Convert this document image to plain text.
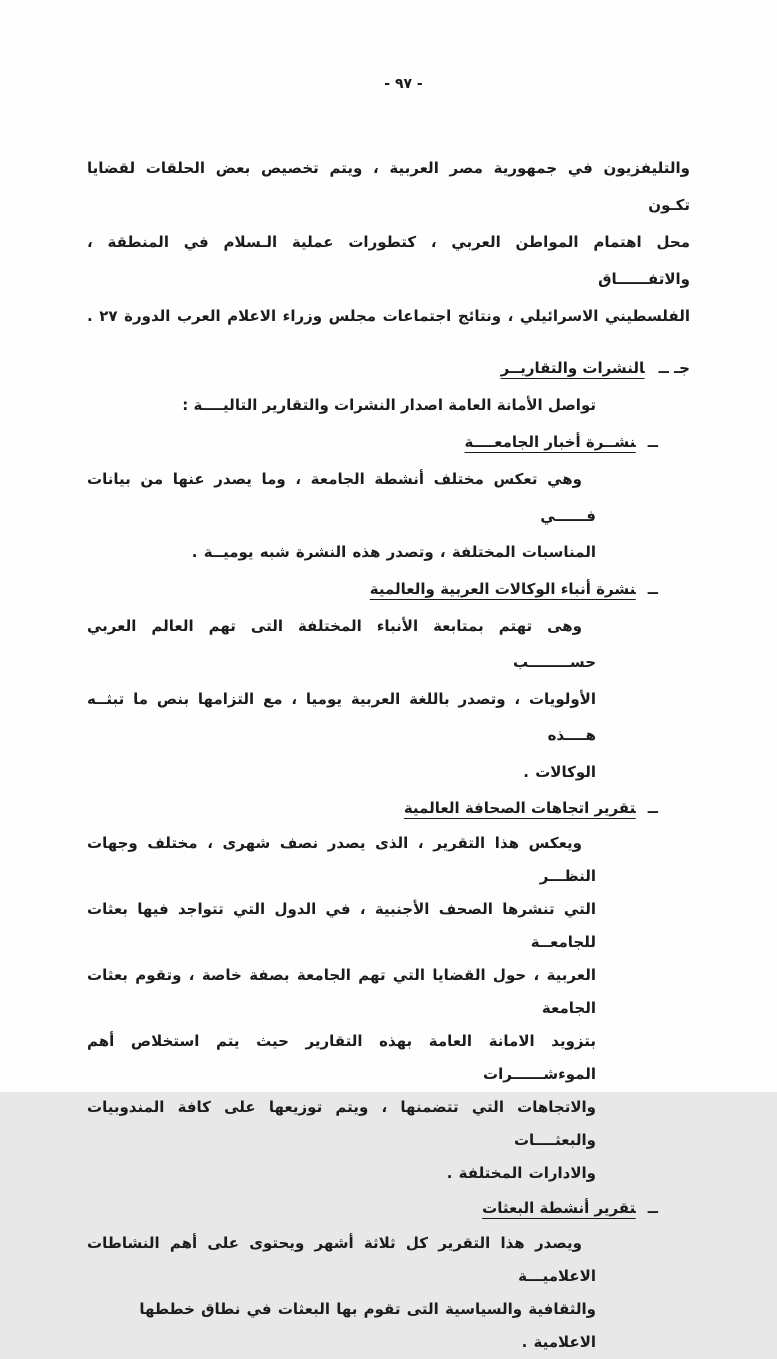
- ٩٧ -
والتليفزيون في جمهورية مصر العربية ، ويتم تخصيص بعض الحلقات لقضايا تكـون
محل اهتمام المواطن العربي ، كتطورات عملية الـسلام في المنطقة ، والاتفــــــاق
الفلسطيني الاسرائيلي ، ونتائج اجتماعات مجلس وزراء الاعلام العرب الدورة ٢٧ .
جـ ــالنشرات والتقاريــر
تواصل الأمانة العامة اصدار النشرات والتقارير التاليــــة :
ــنشــرة أخبار الجامعــــة
وهي تعكس مختلف أنشطة الجامعة ، وما يصدر عنها من بيانات فــــــي
المناسبات المختلفة ، وتصدر هذه النشرة شبه يوميــة .
ــنشرة أنباء الوكالات العربية والعالمية
وهى تهتم بمتابعة الأنباء المختلفة التى تهم العالم العربي حســــــــب
الأولويات ، وتصدر باللغة العربية يوميا ، مع التزامها بنص ما تبثــه هــــذه
الوكالات .
ــتقرير اتجاهات الصحافة العالمية
ويعكس هذا التقرير ، الذى يصدر نصف شهرى ، مختلف وجهات النظـــر
التي تنشرها الصحف الأجنبية ، في الدول التي تتواجد فيها بعثات للجامعــة
العربية ، حول القضايا التي تهم الجامعة بصفة خاصة ، وتقوم بعثات الجامعة
بتزويد الامانة العامة بهذه التقارير حيث يتم استخلاص أهم الموءشــــــرات
والاتجاهات التي تتضمنها ، ويتم توزيعها على كافة المندوبيات والبعثــــات
والادارات المختلفة .
ــتقرير أنشطة البعثات
ويصدر هذا التقرير كل ثلاثة أشهر ويحتوى على أهم النشاطات الاعلاميـــة
والثقافية والسياسية التى تقوم بها البعثات في نطاق خططها الاعلامية .
